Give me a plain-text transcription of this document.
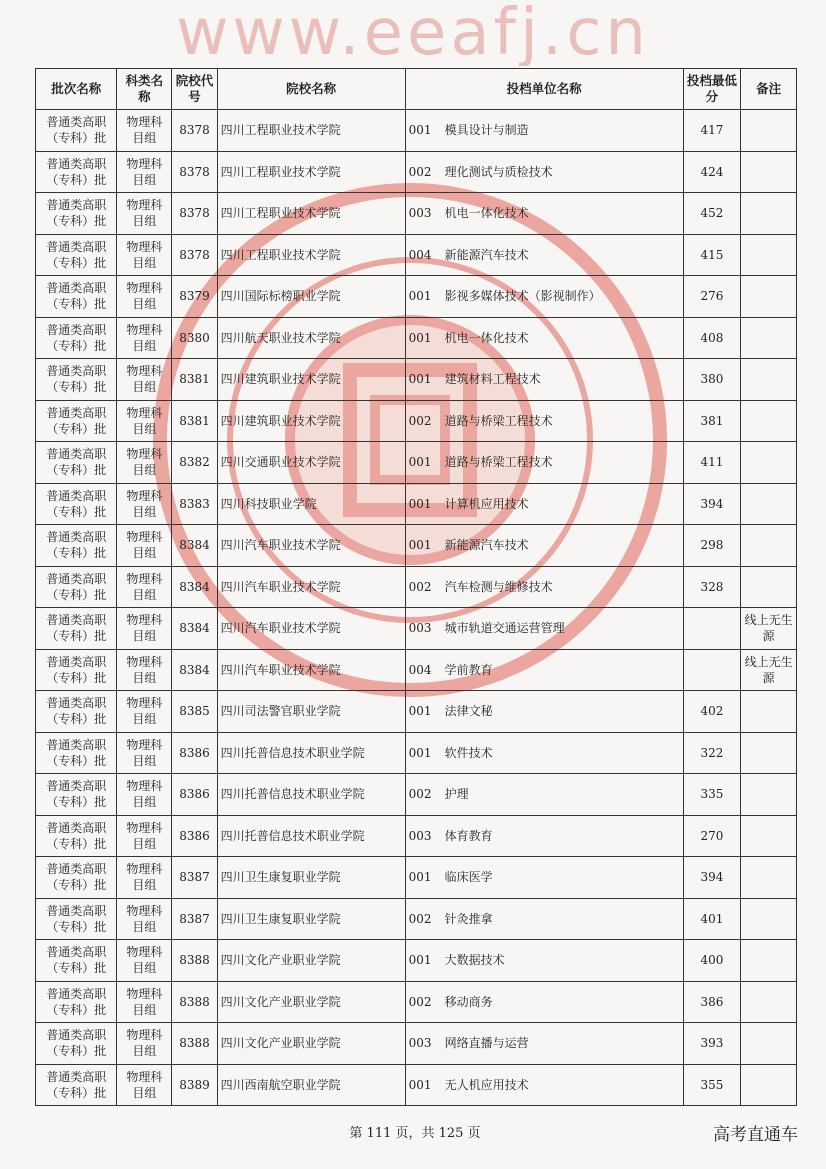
www.eeafj.cn
批次名称	科类名称	院校代号	院校名称	投档单位名称	投档最低分	备注
普通类高职（专科）批	物理科目组	8378	四川工程职业技术学院	001 模具设计与制造	417	
普通类高职（专科）批	物理科目组	8378	四川工程职业技术学院	002 理化测试与质检技术	424	
普通类高职（专科）批	物理科目组	8378	四川工程职业技术学院	003 机电一体化技术	452	
普通类高职（专科）批	物理科目组	8378	四川工程职业技术学院	004 新能源汽车技术	415	
普通类高职（专科）批	物理科目组	8379	四川国际标榜职业学院	001 影视多媒体技术（影视制作）	276	
普通类高职（专科）批	物理科目组	8380	四川航天职业技术学院	001 机电一体化技术	408	
普通类高职（专科）批	物理科目组	8381	四川建筑职业技术学院	001 建筑材料工程技术	380	
普通类高职（专科）批	物理科目组	8381	四川建筑职业技术学院	002 道路与桥梁工程技术	381	
普通类高职（专科）批	物理科目组	8382	四川交通职业技术学院	001 道路与桥梁工程技术	411	
普通类高职（专科）批	物理科目组	8383	四川科技职业学院	001 计算机应用技术	394	
普通类高职（专科）批	物理科目组	8384	四川汽车职业技术学院	001 新能源汽车技术	298	
普通类高职（专科）批	物理科目组	8384	四川汽车职业技术学院	002 汽车检测与维修技术	328	
普通类高职（专科）批	物理科目组	8384	四川汽车职业技术学院	003 城市轨道交通运营管理		线上无生源
普通类高职（专科）批	物理科目组	8384	四川汽车职业技术学院	004 学前教育		线上无生源
普通类高职（专科）批	物理科目组	8385	四川司法警官职业学院	001 法律文秘	402	
普通类高职（专科）批	物理科目组	8386	四川托普信息技术职业学院	001 软件技术	322	
普通类高职（专科）批	物理科目组	8386	四川托普信息技术职业学院	002 护理	335	
普通类高职（专科）批	物理科目组	8386	四川托普信息技术职业学院	003 体育教育	270	
普通类高职（专科）批	物理科目组	8387	四川卫生康复职业学院	001 临床医学	394	
普通类高职（专科）批	物理科目组	8387	四川卫生康复职业学院	002 针灸推拿	401	
普通类高职（专科）批	物理科目组	8388	四川文化产业职业学院	001 大数据技术	400	
普通类高职（专科）批	物理科目组	8388	四川文化产业职业学院	002 移动商务	386	
普通类高职（专科）批	物理科目组	8388	四川文化产业职业学院	003 网络直播与运营	393	
普通类高职（专科）批	物理科目组	8389	四川西南航空职业学院	001 无人机应用技术	355	
第 111 页，共 125 页	高考直通车
